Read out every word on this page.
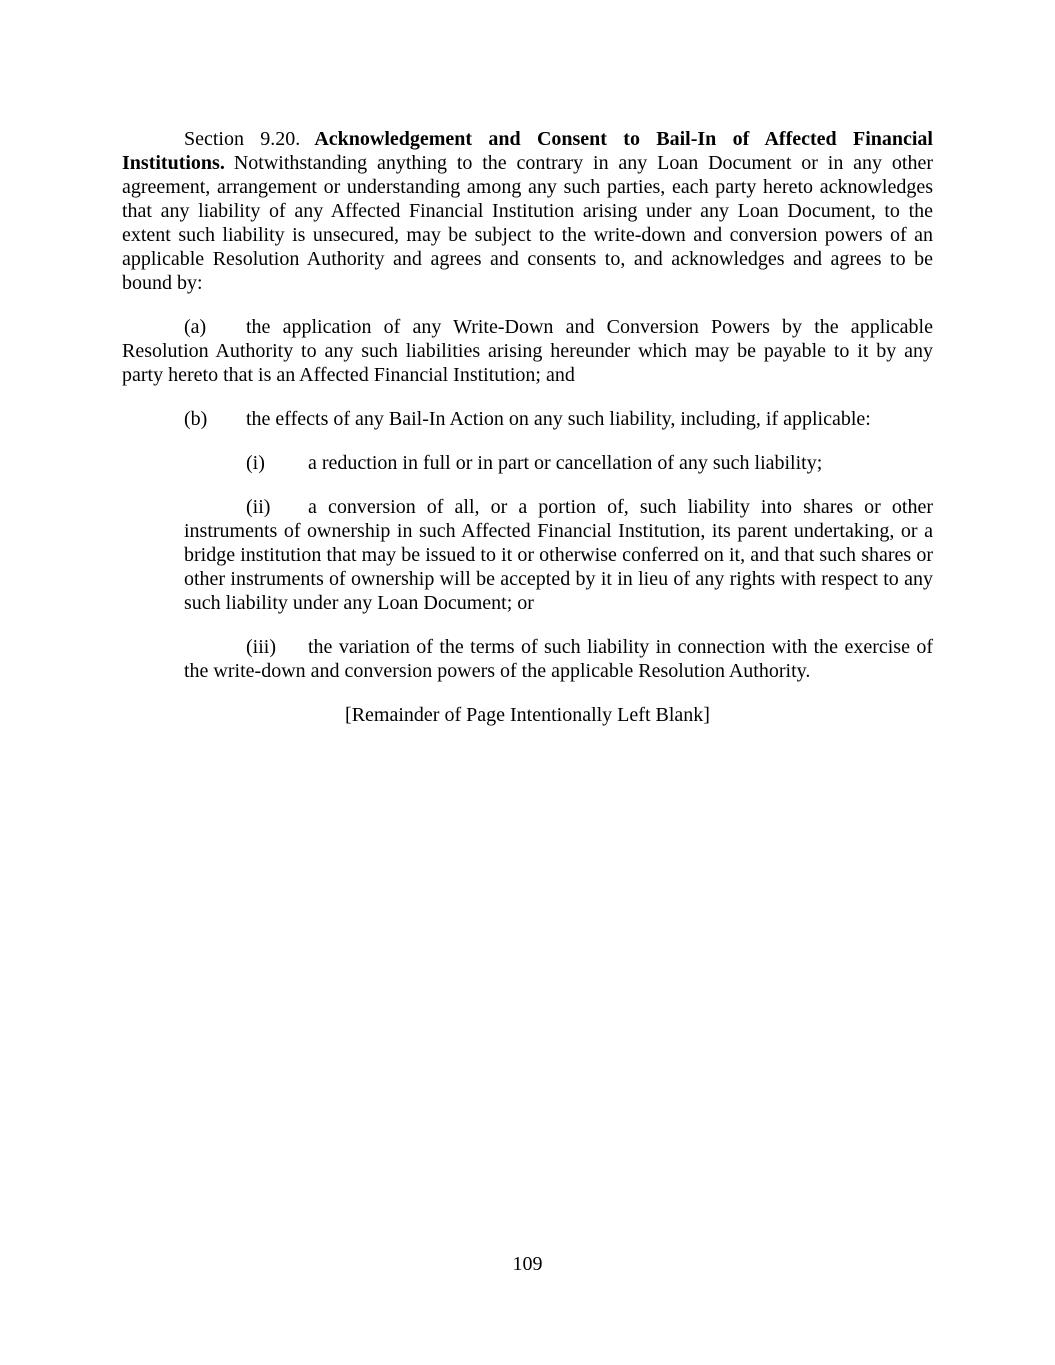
Section 9.20. Acknowledgement and Consent to Bail-In of Affected Financial Institutions. Notwithstanding anything to the contrary in any Loan Document or in any other agreement, arrangement or understanding among any such parties, each party hereto acknowledges that any liability of any Affected Financial Institution arising under any Loan Document, to the extent such liability is unsecured, may be subject to the write-down and conversion powers of an applicable Resolution Authority and agrees and consents to, and acknowledges and agrees to be bound by:

(a) the application of any Write-Down and Conversion Powers by the applicable Resolution Authority to any such liabilities arising hereunder which may be payable to it by any party hereto that is an Affected Financial Institution; and

(b) the effects of any Bail-In Action on any such liability, including, if applicable:

(i) a reduction in full or in part or cancellation of any such liability;

(ii) a conversion of all, or a portion of, such liability into shares or other instruments of ownership in such Affected Financial Institution, its parent undertaking, or a bridge institution that may be issued to it or otherwise conferred on it, and that such shares or other instruments of ownership will be accepted by it in lieu of any rights with respect to any such liability under any Loan Document; or

(iii) the variation of the terms of such liability in connection with the exercise of the write-down and conversion powers of the applicable Resolution Authority.

[Remainder of Page Intentionally Left Blank]

109
